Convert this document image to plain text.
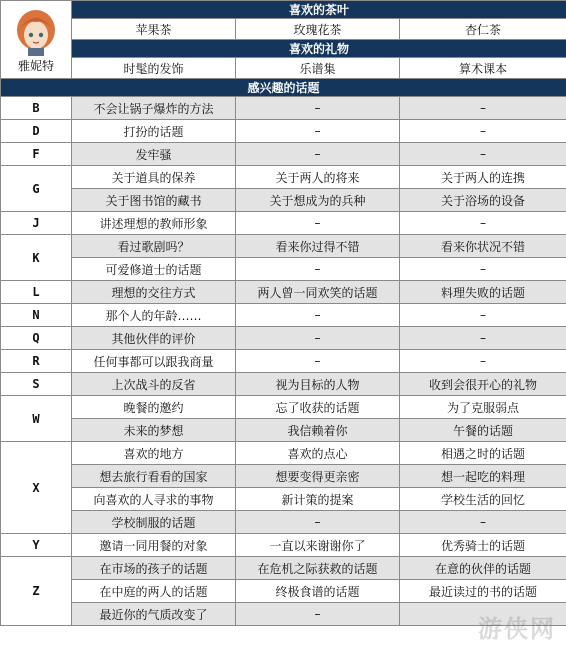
雅妮特	喜欢的茶叶		
	苹果茶	玫瑰花茶	杏仁茶
	喜欢的礼物		
	时髦的发饰	乐谱集	算术课本
感兴趣的话题			
B	不会让锅子爆炸的方法	–	–
D	打扮的话题	–	–
F	发牢骚	–	–
G	关于道具的保养	关于两人的将来	关于两人的连携
	关于图书馆的藏书	关于想成为的兵种	关于浴场的设备
J	讲述理想的教师形象	–	–
K	看过歌剧吗？	看来你过得不错	看来你状况不错
	可爱修道士的话题	–	–
L	理想的交往方式	两人曾一同欢笑的话题	料理失败的话题
N	那个人的年龄……	–	–
Q	其他伙伴的评价	–	–
R	任何事都可以跟我商量	–	–
S	上次战斗的反省	视为目标的人物	收到会很开心的礼物
W	晚餐的邀约	忘了收获的话题	为了克服弱点
	未来的梦想	我信赖着你	午餐的话题
X	喜欢的地方	喜欢的点心	相遇之时的话题
	想去旅行看看的国家	想要变得更亲密	想一起吃的料理
	向喜欢的人寻求的事物	新计策的提案	学校生活的回忆
	学校制服的话题	–	–
Y	邀请一同用餐的对象	一直以来谢谢你了	优秀骑士的话题
Z	在市场的孩子的话题	在危机之际获救的话题	在意的伙伴的话题
	在中庭的两人的话题	终极食谱的话题	最近读过的书的话题
	最近你的气质改变了	–	
游侠网
